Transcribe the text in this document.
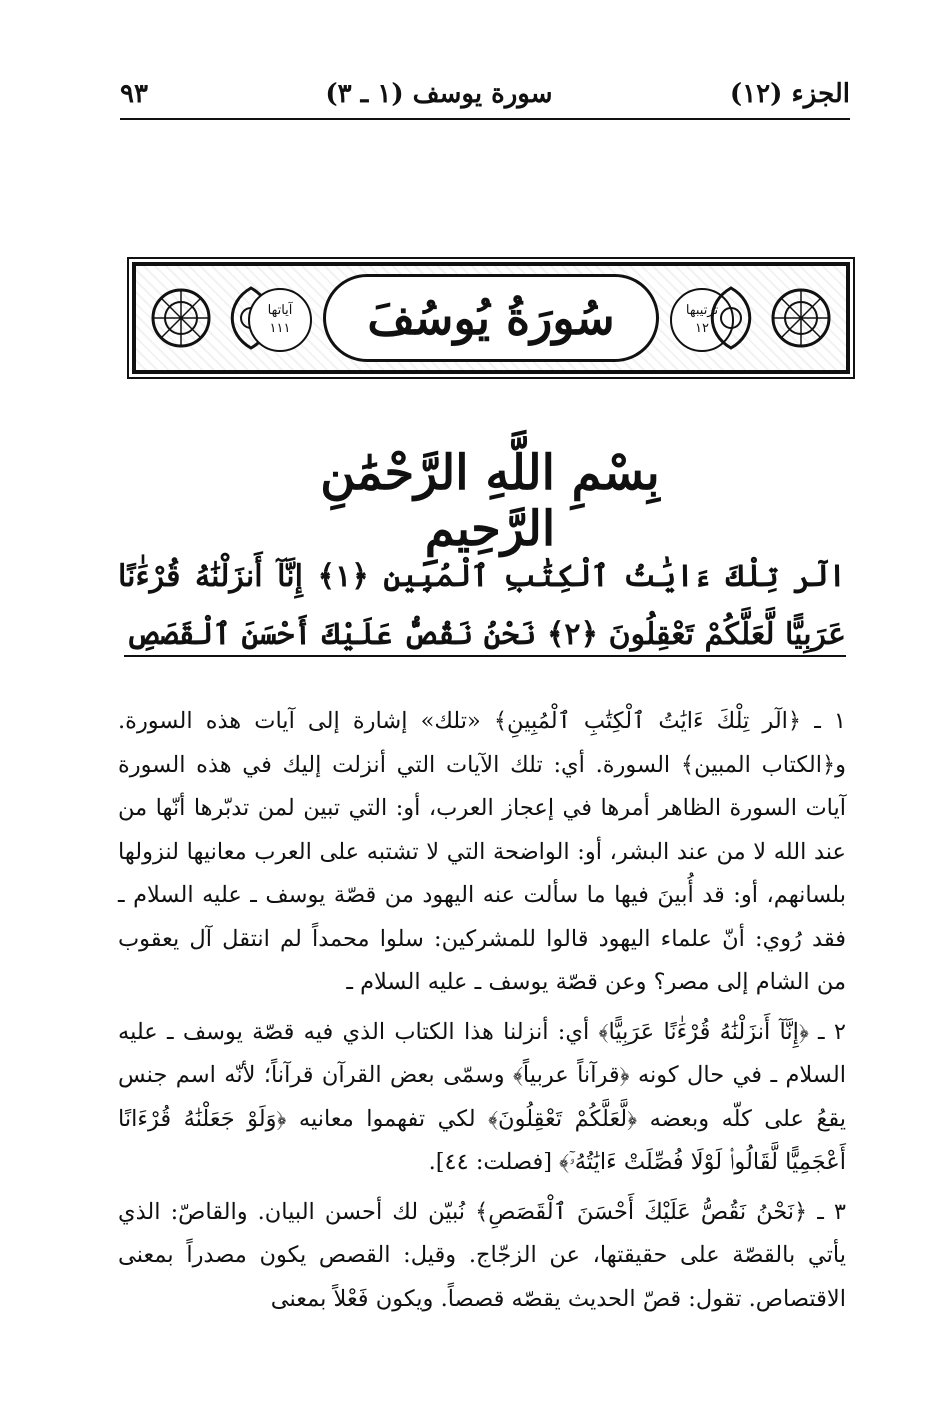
الجزء (١٢)
سورة يوسف (١ ـ ٣)
٩٣
آياتها
١١١ سُورَةُ يُوسُفَ	ترتيبها
١٢
بِسْمِ اللَّهِ الرَّحْمَٰنِ الرَّحِيمِ
الٓر تِلْكَ ءَايَٰتُ ٱلْكِتَٰبِ ٱلْمُبِينِ ﴿١﴾ إِنَّآ أَنزَلْنَٰهُ قُرْءَٰنًا عَرَبِيًّا لَّعَلَّكُمْ تَعْقِلُونَ ﴿٢﴾ نَحْنُ نَقُصُّ عَلَيْكَ أَحْسَنَ ٱلْقَصَصِ

١ ـ ﴿الٓر تِلْكَ ءَايَٰتُ ٱلْكِتَٰبِ ٱلْمُبِينِ﴾ «تلك» إشارة إلى آيات هذه السورة. و﴿الكتاب المبين﴾ السورة. أي: تلك الآيات التي أنزلت إليك في هذه السورة آيات السورة الظاهر أمرها في إعجاز العرب، أو: التي تبين لمن تدبّرها أنّها من عند الله لا من عند البشر، أو: الواضحة التي لا تشتبه على العرب معانيها لنزولها بلسانهم، أو: قد أُبينَ فيها ما سألت عنه اليهود من قصّة يوسف ـ عليه السلام ـ فقد رُوي: أنّ علماء اليهود قالوا للمشركين: سلوا محمداً لم انتقل آل يعقوب من الشام إلى مصر؟ وعن قصّة يوسف ـ عليه السلام ـ

٢ ـ ﴿إِنَّآ أَنزَلْنَٰهُ قُرْءَٰنًا عَرَبِيًّا﴾ أي: أنزلنا هذا الكتاب الذي فيه قصّة يوسف ـ عليه السلام ـ في حال كونه ﴿قرآناً عربياً﴾ وسمّى بعض القرآن قرآناً؛ لأنّه اسم جنس يقعُ على كلّه وبعضه ﴿لَّعَلَّكُمْ تَعْقِلُونَ﴾ لكي تفهموا معانيه ﴿وَلَوْ جَعَلْنَٰهُ قُرْءَانًا أَعْجَمِيًّا لَّقَالُوا۟ لَوْلَا فُصِّلَتْ ءَايَٰتُهُۥٓ﴾ [فصلت: ٤٤].

٣ ـ ﴿نَحْنُ نَقُصُّ عَلَيْكَ أَحْسَنَ ٱلْقَصَصِ﴾ نُبيّن لك أحسن البيان. والقاصّ: الذي يأتي بالقصّة على حقيقتها، عن الزجّاج. وقيل: القصص يكون مصدراً بمعنى الاقتصاص. تقول: قصّ الحديث يقصّه قصصاً. ويكون فَعْلاً بمعنى
